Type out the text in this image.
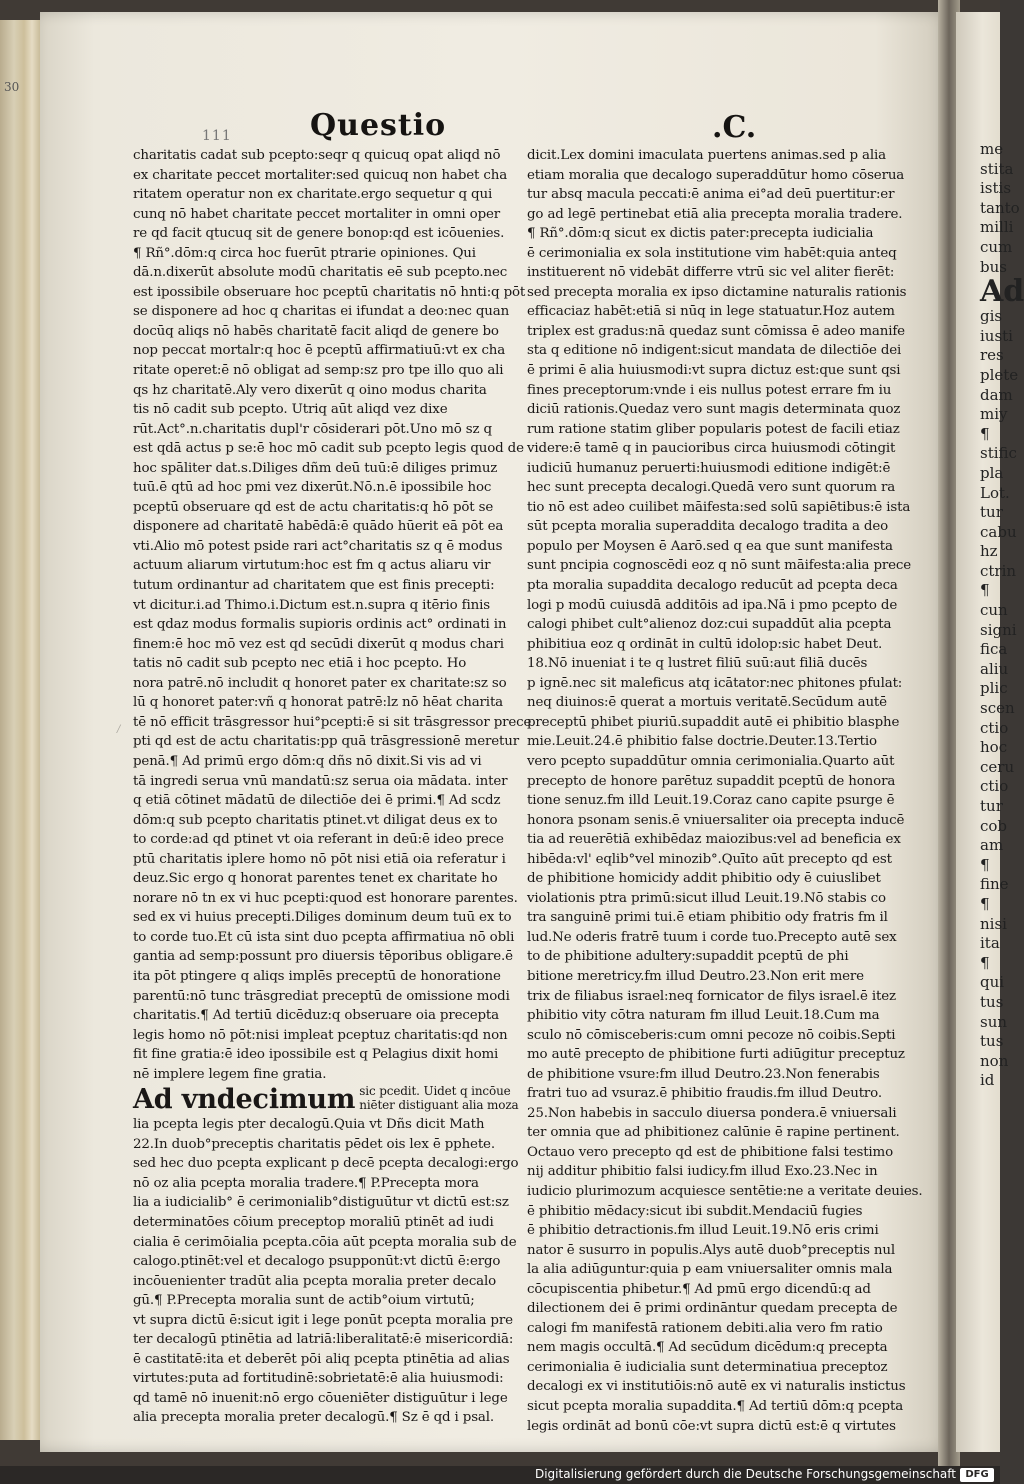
30
111	Questio	.C.
/
charitatis cadat sub pcepto:seqr q quicuq opat aliqd nō
ex charitate peccet mortaliter:sed quicuq non habet cha
ritatem operatur non ex charitate.ergo sequetur q qui
cunq nō habet charitate peccet mortaliter in omni oper
re qd facit qtucuq sit de genere bonop:qd est icōuenies.
¶ Rñ°.dōm:q circa hoc fuerūt ptrarie opiniones. Qui
dā.n.dixerūt absolute modū charitatis eē sub pcepto.nec
est ipossibile obseruare hoc pceptū charitatis nō hnti:q pōt
se disponere ad hoc q charitas ei ifundat a deo:nec quan
docūq aliqs nō habēs charitatē facit aliqd de genere bo
nop peccat mortalr:q hoc ē pceptū affirmatiuū:vt ex cha
ritate operet:ē nō obligat ad semp:sz pro tpe illo quo ali
qs hz charitatē.Aly vero dixerūt q oino modus charita
tis nō cadit sub pcepto. Utriq aūt aliqd vez dixe
rūt.Act°.n.charitatis dupl'r cōsiderari pōt.Uno mō sz q
est qdā actus p se:ē hoc mō cadit sub pcepto legis quod de
hoc spāliter dat.s.Diliges dñm deū tuū:ē diliges primuz
tuū.ē qtū ad hoc pmi vez dixerūt.Nō.n.ē ipossibile hoc
pceptū obseruare qd est de actu charitatis:q hō pōt se
disponere ad charitatē habēdā:ē quādo hūerit eā pōt ea
vti.Alio mō potest pside rari act°charitatis sz q ē modus
actuum aliarum virtutum:hoc est fm q actus aliaru vir
tutum ordinantur ad charitatem que est finis precepti:
vt dicitur.i.ad Thimo.i.Dictum est.n.supra q itērio finis
est qdaz modus formalis supioris ordinis act° ordinati in
finem:ē hoc mō vez est qd secūdi dixerūt q modus chari
tatis nō cadit sub pcepto nec etiā i hoc pcepto. Ho
nora patrē.nō includit q honoret pater ex charitate:sz so
lū q honoret pater:vñ q honorat patrē:lz nō hēat charita
tē nō efficit trāsgressor hui°pcepti:ē si sit trāsgressor prece
pti qd est de actu charitatis:pp quā trāsgressionē meretur
penā.¶ Ad primū ergo dōm:q dñs nō dixit.Si vis ad vi
tā ingredi serua vnū mandatū:sz serua oia mādata. inter
q etiā cōtinet mādatū de dilectiōe dei ē primi.¶ Ad scdz
dōm:q sub pcepto charitatis ptinet.vt diligat deus ex to
to corde:ad qd ptinet vt oia referant in deū:ē ideo prece
ptū charitatis iplere homo nō pōt nisi etiā oia referatur i
deuz.Sic ergo q honorat parentes tenet ex charitate ho
norare nō tn ex vi huc pcepti:quod est honorare parentes.
sed ex vi huius precepti.Diliges dominum deum tuū ex to
to corde tuo.Et cū ista sint duo pcepta affirmatiua nō obli
gantia ad semp:possunt pro diuersis tēporibus obligare.ē
ita pōt ptingere q aliqs implēs preceptū de honoratione
parentū:nō tunc trāsgrediat preceptū de omissione modi
charitatis.¶ Ad tertiū dicēduz:q obseruare oia precepta
legis homo nō pōt:nisi impleat pceptuz charitatis:qd non
fit fine gratia:ē ideo ipossibile est q Pelagius dixit homi
nē implere legem fine gratia.
Ad vndecimum sic pcedit. Uidet q incōue
niēter distiguant alia moza
lia pcepta legis pter decalogū.Quia vt Dñs dicit Math
22.In duob°preceptis charitatis pēdet ois lex ē pphete.
sed hec duo pcepta explicant p decē pcepta decalogi:ergo
nō oz alia pcepta moralia tradere.¶ P.Precepta mora
lia a iudicialib° ē cerimonialib°distiguūtur vt dictū est:sz
determinatōes cōium preceptop moraliū ptinēt ad iudi
cialia ē cerimōialia pcepta.cōia aūt pcepta moralia sub de
calogo.ptinēt:vel et decalogo psupponūt:vt dictū ē:ergo
incōuenienter tradūt alia pcepta moralia preter decalo
gū.¶ P.Precepta moralia sunt de actib°oium virtutū;
vt supra dictū ē:sicut igit i lege ponūt pcepta moralia pre
ter decalogū ptinētia ad latriā:liberalitatē:ē misericordiā:
ē castitatē:ita et deberēt pōi aliq pcepta ptinētia ad alias
virtutes:puta ad fortitudinē:sobrietatē:ē alia huiusmodi:
qd tamē nō inuenit:nō ergo cōueniēter distiguūtur i lege
alia precepta moralia preter decalogū.¶ Sz ē qd i psal.
dicit.Lex domini imaculata puertens animas.sed p alia
etiam moralia que decalogo superaddūtur homo cōserua
tur absq macula peccati:ē anima ei°ad deū puertitur:er
go ad legē pertinebat etiā alia precepta moralia tradere.
¶ Rñ°.dōm:q sicut ex dictis pater:precepta iudicialia
ē cerimonialia ex sola institutione vim habēt:quia anteq
instituerent nō videbāt differre vtrū sic vel aliter fierēt:
sed precepta moralia ex ipso dictamine naturalis rationis
efficaciaz habēt:etiā si nūq in lege statuatur.Hoz autem
triplex est gradus:nā quedaz sunt cōmissa ē adeo manife
sta q editione nō indigent:sicut mandata de dilectiōe dei
ē primi ē alia huiusmodi:vt supra dictuz est:que sunt qsi
fines preceptorum:vnde i eis nullus potest errare fm iu
diciū rationis.Quedaz vero sunt magis determinata quoz
rum ratione statim gliber popularis potest de facili etiaz
videre:ē tamē q in paucioribus circa huiusmodi cōtingit
iudiciū humanuz peruerti:huiusmodi editione indigēt:ē
hec sunt precepta decalogi.Quedā vero sunt quorum ra
tio nō est adeo cuilibet māifesta:sed solū sapiētibus:ē ista
sūt pcepta moralia superaddita decalogo tradita a deo
populo per Moysen ē Aarō.sed q ea que sunt manifesta
sunt pncipia cognoscēdi eoz q nō sunt māifesta:alia prece
pta moralia supaddita decalogo reducūt ad pcepta deca
logi p modū cuiusdā additōis ad ipa.Nā i pmo pcepto de
calogi phibet cult°alienoz doz:cui supaddūt alia pcepta
phibitiua eoz q ordināt in cultū idolop:sic habet Deut.
18.Nō inueniat i te q lustret filiū suū:aut filiā ducēs
p ignē.nec sit maleficus atq icātator:nec phitones pfulat:
neq diuinos:ē querat a mortuis veritatē.Secūdum autē
preceptū phibet piuriū.supaddit autē ei phibitio blasphe
mie.Leuit.24.ē phibitio false doctrie.Deuter.13.Tertio
vero pcepto supaddūtur omnia cerimonialia.Quarto aūt
precepto de honore parētuz supaddit pceptū de honora
tione senuz.fm illd Leuit.19.Coraz cano capite psurge ē
honora psonam senis.ē vniuersaliter oia precepta inducē
tia ad reuerētiā exhibēdaz maiozibus:vel ad beneficia ex
hibēda:vl' eqlib°vel minozib°.Quīto aūt precepto qd est
de phibitione homicidy addit phibitio ody ē cuiuslibet
violationis ptra primū:sicut illud Leuit.19.Nō stabis co
tra sanguinē primi tui.ē etiam phibitio ody fratris fm il
lud.Ne oderis fratrē tuum i corde tuo.Precepto autē sex
to de phibitione adultery:supaddit pceptū de phi
bitione meretricy.fm illud Deutro.23.Non erit mere
trix de filiabus israel:neq fornicator de filys israel.ē itez
phibitio vity cōtra naturam fm illud Leuit.18.Cum ma
sculo nō cōmisceberis:cum omni pecoze nō coibis.Septi
mo autē precepto de phibitione furti adiūgitur preceptuz
de phibitione vsure:fm illud Deutro.23.Non fenerabis
fratri tuo ad vsuraz.ē phibitio fraudis.fm illud Deutro.
25.Non habebis in sacculo diuersa pondera.ē vniuersali
ter omnia que ad phibitionez calūnie ē rapine pertinent.
Octauo vero precepto qd est de phibitione falsi testimo
nij additur phibitio falsi iudicy.fm illud Exo.23.Nec in
iudicio plurimozum acquiesce sentētie:ne a veritate deuies.
ē phibitio mēdacy:sicut ibi subdit.Mendaciū fugies
ē phibitio detractionis.fm illud Leuit.19.Nō eris crimi
nator ē susurro in populis.Alys autē duob°preceptis nul
la alia adiūguntur:quia p eam vniuersaliter omnis mala
cōcupiscentia phibetur.¶ Ad pmū ergo dicendū:q ad
dilectionem dei ē primi ordināntur quedam precepta de
calogi fm manifestā rationem debiti.alia vero fm ratio
nem magis occultā.¶ Ad secūdum dicēdum:q precepta
cerimonialia ē iudicialia sunt determinatiua preceptoz
decalogi ex vi institutiōis:nō autē ex vi naturalis instictus
sicut pcepta moralia supaddita.¶ Ad tertiū dōm:q pcepta
legis ordināt ad bonū cōe:vt supra dictū est:ē q virtutes
me
stita
istis
tanto
milli
cum
bus
Ad
gis
iusti
res
plete
dam
miy
¶
stific
pla
Lot.
tur
cabu
hz
ctrin
¶
cun
signi
fica
aliu
plic
scen
ctio
hoc
ceru
ctio
tur
cob
am
¶
fine
¶
nisi
ita
¶
qui
tus
sun
tus
non
id
Digitalisierung gefördert durch die Deutsche Forschungsgemeinschaft DFG
